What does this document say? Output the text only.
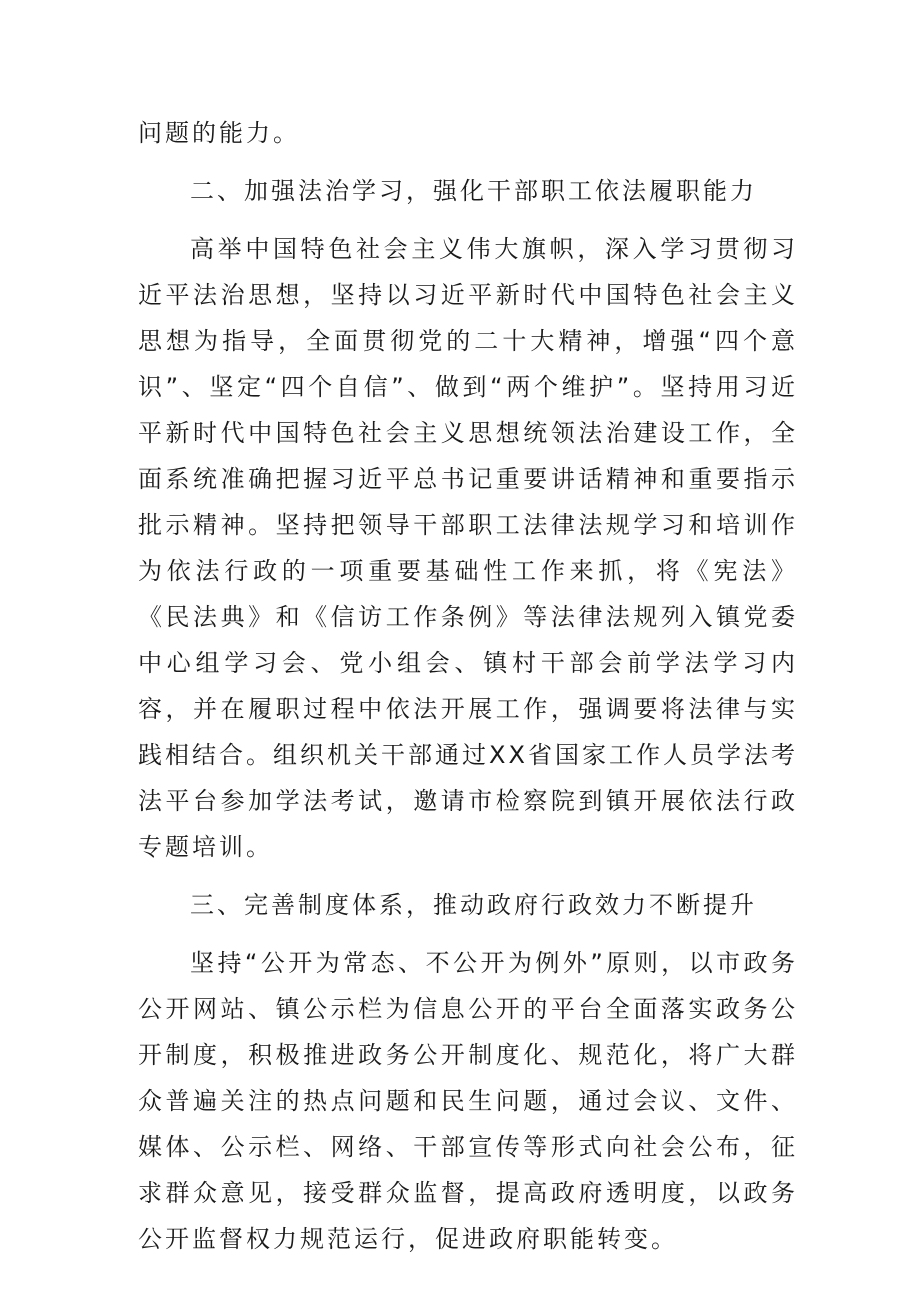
问题的能力。

二、加强法治学习，强化干部职工依法履职能力

高举中国特色社会主义伟大旗帜，深入学习贯彻习近平法治思想，坚持以习近平新时代中国特色社会主义思想为指导，全面贯彻党的二十大精神，增强“四个意识”、坚定“四个自信”、做到“两个维护”。坚持用习近平新时代中国特色社会主义思想统领法治建设工作，全面系统准确把握习近平总书记重要讲话精神和重要指示批示精神。坚持把领导干部职工法律法规学习和培训作为依法行政的一项重要基础性工作来抓，将《宪法》《民法典》和《信访工作条例》等法律法规列入镇党委中心组学习会、党小组会、镇村干部会前学法学习内容，并在履职过程中依法开展工作，强调要将法律与实践相结合。组织机关干部通过XX省国家工作人员学法考法平台参加学法考试，邀请市检察院到镇开展依法行政专题培训。

三、完善制度体系，推动政府行政效力不断提升

坚持“公开为常态、不公开为例外”原则，以市政务公开网站、镇公示栏为信息公开的平台全面落实政务公开制度，积极推进政务公开制度化、规范化，将广大群众普遍关注的热点问题和民生问题，通过会议、文件、媒体、公示栏、网络、干部宣传等形式向社会公布，征求群众意见，接受群众监督，提高政府透明度，以政务公开监督权力规范运行，促进政府职能转变。
